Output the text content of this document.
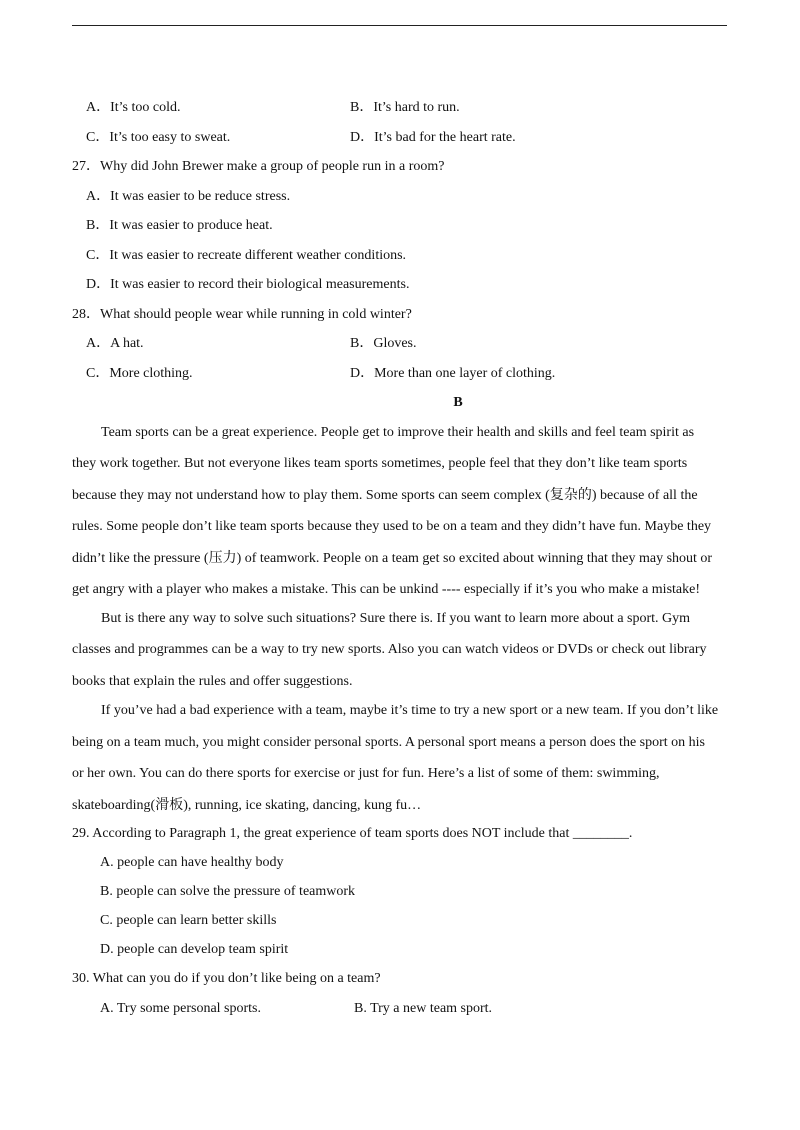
A．It’s too cold.	B．It’s hard to run.
C．It’s too easy to sweat.	D．It’s bad for the heart rate.
27．Why did John Brewer make a group of people run in a room?
A．It was easier to be reduce stress.
B．It was easier to produce heat.
C．It was easier to recreate different weather conditions.
D．It was easier to record their biological measurements.
28．What should people wear while running in cold winter?
A．A hat.	B．Gloves.
C．More clothing.	D．More than one layer of clothing.
B
Team sports can be a great experience. People get to improve their health and skills and feel team spirit as
they work together. But not everyone likes team sports sometimes, people feel that they don’t like team sports
because they may not understand how to play them. Some sports can seem complex (复杂的) because of all the
rules. Some people don’t like team sports because they used to be on a team and they didn’t have fun. Maybe they
didn’t like the pressure (压力) of teamwork. People on a team get so excited about winning that they may shout or
get angry with a player who makes a mistake. This can be unkind ---- especially if it’s you who make a mistake!
But is there any way to solve such situations? Sure there is. If you want to learn more about a sport. Gym
classes and programmes can be a way to try new sports. Also you can watch videos or DVDs or check out library
books that explain the rules and offer suggestions.
If you’ve had a bad experience with a team, maybe it’s time to try a new sport or a new team. If you don’t like
being on a team much, you might consider personal sports. A personal sport means a person does the sport on his
or her own. You can do there sports for exercise or just for fun. Here’s a list of some of them: swimming,
skateboarding(滑板), running, ice skating, dancing, kung fu…
29. According to Paragraph 1, the great experience of team sports does NOT include that ________.
A. people can have healthy body
B. people can solve the pressure of teamwork
C. people can learn better skills
D. people can develop team spirit
30. What can you do if you don’t like being on a team?
A. Try some personal sports.	B. Try a new team sport.
